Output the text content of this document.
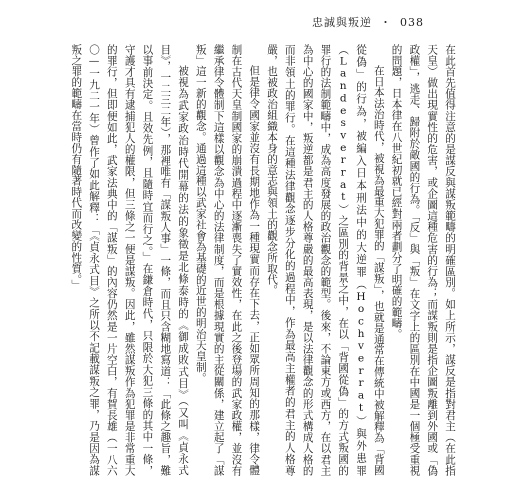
忠誠與叛逆 ・ 038

在此首先值得注意的是謀反與謀叛範疇的明確區別。如上所示，謀反是指對君主（在此指天皇）做出現實性的危害，或企圖這種危害的行為；而謀叛則是指企圖叛離到外國或「偽政權」，逃走、歸附於敵國的行為。「反」與「叛」在文字上的區別在中國是一個極受重視的問題，日本律在八世紀初就已經對兩者劃分了明確的範疇。

在日本法治時代，被視為最重大犯罪的「謀叛」，也就是通常在傳統中被解釋為「背國從偽」的行為，被編入日本刑法中的大逆罪（Hochverrat）與外患罪（Landesverrat）之區別的背景之中，在以「背國從偽」的方式叛國的罪行的法制範疇中，成為高度發展的政治觀念的範型。後來，不論東方或西方，在以君主為中心的國家中，叛逆都是君主的人格尊嚴的最高表現，是以法律觀念的形式構成人格的而非領土的罪行。在這種法律觀念逐步分化的過程中，作為最高主權者的君主的人格尊嚴，也被政治組織本身的意志與領土的觀念所取代。

但是律令國家並沒有長期地作為一種現實而存在下去，正如眾所周知的那樣，律令體制在古代天皇制國家的崩潰過程中逐漸喪失了實效性，在此之後登場的武家政權，並沒有繼承律令體制下這樣以觀念為中心的法律制度，而是根據現實的主從關係，建立起了「謀叛」這一新的觀念。通過這種以武家社會為基礎的近世的明治天皇制。

被視為武家政治時代開幕的法的象徵是北條泰時的《御成敗式目》（又叫《貞永式目》，一二三二年），那裡唯有「謀叛人事」一條，而且只含糊地寫道：「此條之趣旨，難以事前決定。且效先例，且隨時宜而行之。」在鎌倉時代，只限於大犯三條的其中一條，守護才具有逮捕犯人的權限，但三條之一便是謀叛。因此，雖然謀叛作為犯罪是非常重大的罪行，但即便如此，武家法典中的「謀叛」的內容仍然是一片空白，有賀長雄（一八六〇—一九二一年）曾作了如此解釋：「《貞永式目》之所以不記載謀叛之罪，乃是因為謀叛之罪的範疇在當時仍有隨著時代而改變的性質。」
